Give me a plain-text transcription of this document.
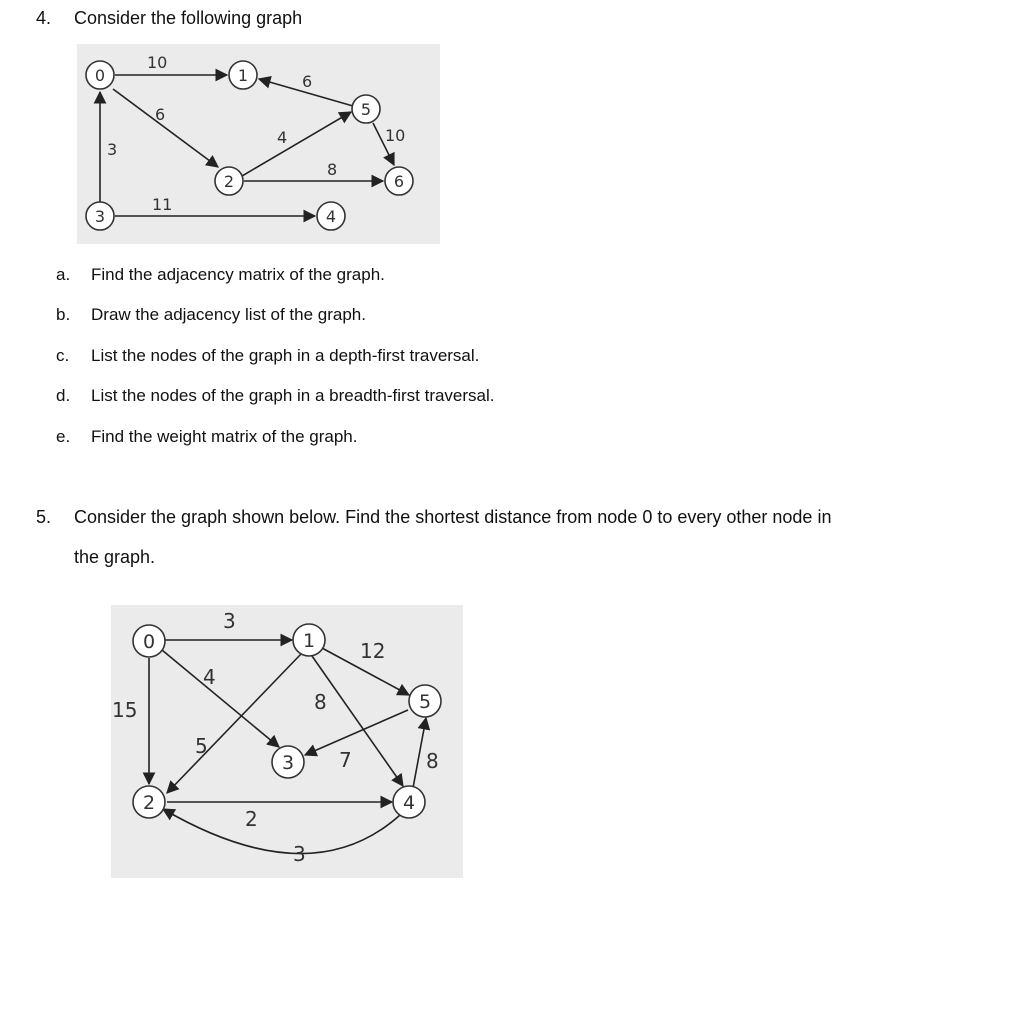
4. Consider the following graph
10
6
3
11
4
8
6
10
0	1
2
3	4
5
6
a. Find the adjacency matrix of the graph.
b. Draw the adjacency list of the graph.
c. List the nodes of the graph in a depth-first traversal.
d. List the nodes of the graph in a breadth-first traversal.
e. Find the weight matrix of the graph.
5. Consider the graph shown below. Find the shortest distance from node 0 to every other node in
the graph.
3
4
15
5
12
8
7	8
2
3
0	1
2
3
4
5
